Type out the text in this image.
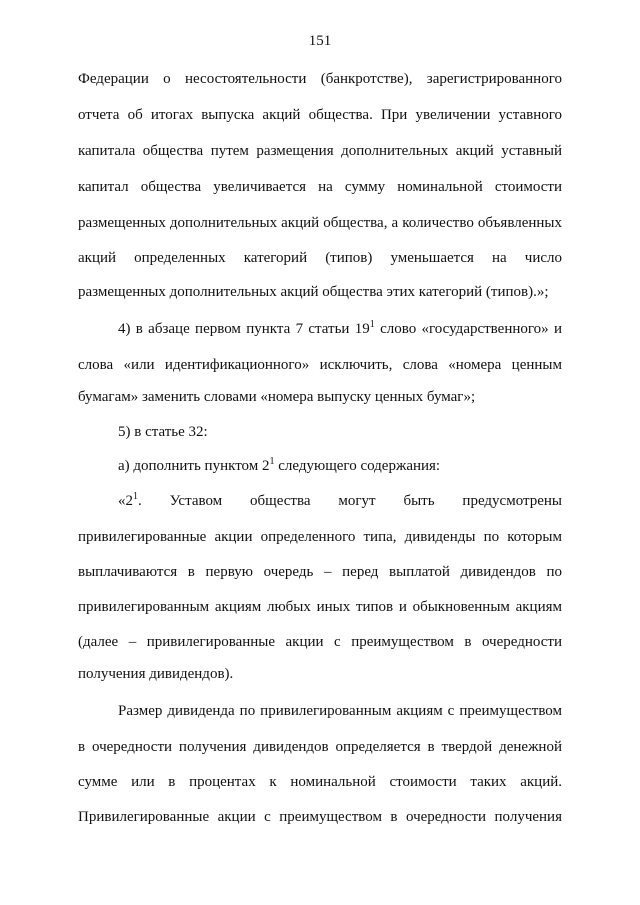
151
Федерации о несостоятельности (банкротстве), зарегистрированного
отчета об итогах выпуска акций общества. При увеличении уставного
капитала общества путем размещения дополнительных акций уставный
капитал общества увеличивается на сумму номинальной стоимости
размещенных дополнительных акций общества, а количество объявленных
акций определенных категорий (типов) уменьшается на число
размещенных дополнительных акций общества этих категорий (типов).»;
4) в абзаце первом пункта 7 статьи $19^1$ слово «государственного» и
слова «или идентификационного» исключить, слова «номера ценным
бумагам» заменить словами «номера выпуску ценных бумаг»;
5) в статье 32:
а) дополнить пунктом $2^1$ следующего содержания:
«$2^1$. Уставом общества могут быть предусмотрены
привилегированные акции определенного типа, дивиденды по которым
выплачиваются в первую очередь – перед выплатой дивидендов по
привилегированным акциям любых иных типов и обыкновенным акциям
(далее – привилегированные акции с преимуществом в очередности
получения дивидендов).
Размер дивиденда по привилегированным акциям с преимуществом
в очередности получения дивидендов определяется в твердой денежной
сумме или в процентах к номинальной стоимости таких акций.
Привилегированные акции с преимуществом в очередности получения
